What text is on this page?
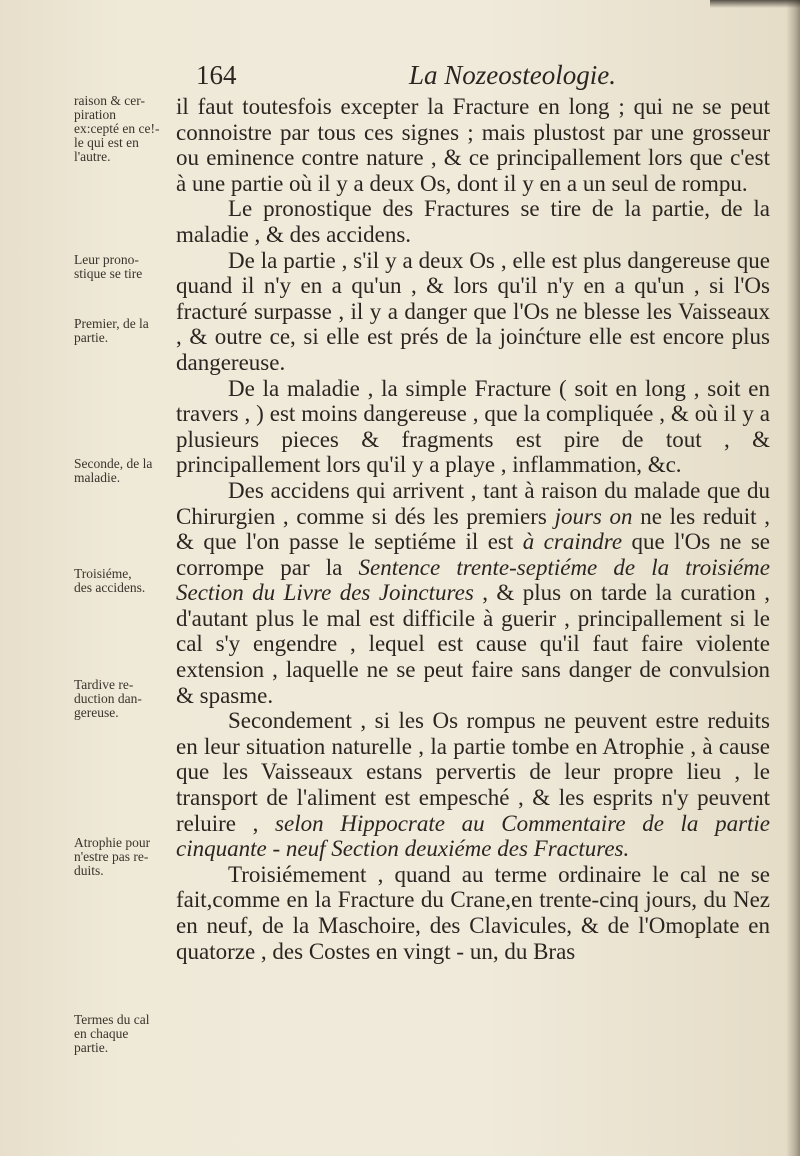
164	La Nozeosteologie.
raison & cer-
piration
ex:cepté en ce!-
le qui est en
l'autre.
Leur prono-
stique se tire
Premier, de la
partie.
Seconde, de la
maladie.
Troisiéme,
des accidens.
Tardive re-
duction dan-
gereuse.
Atrophie pour
n'estre pas re-
duits.
Termes du cal
en chaque
partie.

il faut toutesfois excepter la Fracture en long ; qui ne se peut connoistre par tous ces signes ; mais plustost par une grosseur ou eminence contre nature , & ce principallement lors que c'est à une partie où il y a deux Os, dont il y en a un seul de rompu.

Le pronostique des Fractures se tire de la partie, de la maladie , & des accidens.

De la partie , s'il y a deux Os , elle est plus dangereuse que quand il n'y en a qu'un , & lors qu'il n'y en a qu'un , si l'Os fracturé surpasse , il y a danger que l'Os ne blesse les Vaisseaux , & outre ce, si elle est prés de la joinćture elle est encore plus dangereuse.

De la maladie , la simple Fracture ( soit en long , soit en travers , ) est moins dangereuse , que la compliquée , & où il y a plusieurs pieces & fragments est pire de tout , & principallement lors qu'il y a playe , inflammation, &c.

Des accidens qui arrivent , tant à raison du malade que du Chirurgien , comme si dés les premiers jours on ne les reduit , & que l'on passe le septiéme il est à craindre que l'Os ne se corrompe par la Sentence trente-septiéme de la troisiéme Section du Livre des Joinctures , & plus on tarde la curation , d'autant plus le mal est difficile à guerir , principallement si le cal s'y engendre , lequel est cause qu'il faut faire violente extension , laquelle ne se peut faire sans danger de convulsion & spasme.

Secondement , si les Os rompus ne peuvent estre reduits en leur situation naturelle , la partie tombe en Atrophie , à cause que les Vaisseaux estans pervertis de leur propre lieu , le transport de l'aliment est empesché , & les esprits n'y peuvent reluire , selon Hippocrate au Commentaire de la partie cinquante - neuf Section deuxiéme des Fractures.

Troisiémement , quand au terme ordinaire le cal ne se fait,comme en la Fracture du Crane,en trente-cinq jours, du Nez en neuf, de la Maschoire, des Clavicules, & de l'Omoplate en quatorze , des Costes en vingt - un, du Bras
